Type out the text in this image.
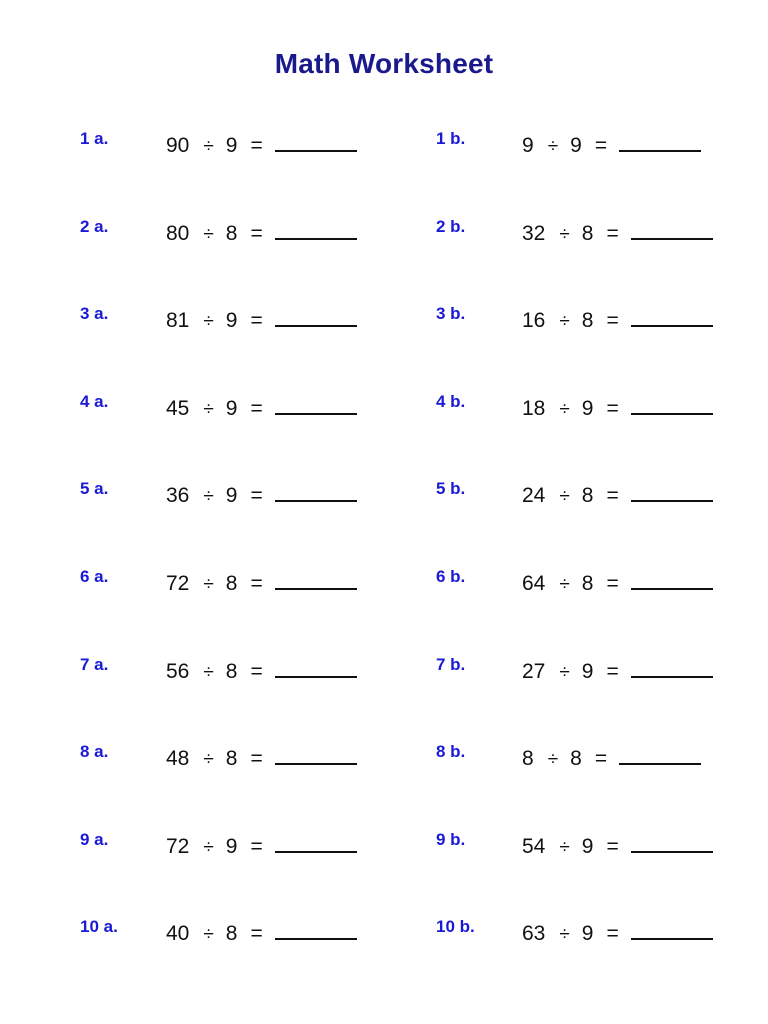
Math Worksheet
1 a.	90 ÷ 9 =
2 a.	80 ÷ 8 =
3 a.	81 ÷ 9 =
4 a.	45 ÷ 9 =
5 a.	36 ÷ 9 =
6 a.	72 ÷ 8 =
7 a.	56 ÷ 8 =
8 a.	48 ÷ 8 =
9 a.	72 ÷ 9 =
10 a. 40 ÷ 8 =
1 b.	9 ÷ 9 =
2 b.	32 ÷ 8 =
3 b.	16 ÷ 8 =
4 b.	18 ÷ 9 =
5 b.	24 ÷ 8 =
6 b.	64 ÷ 8 =
7 b.	27 ÷ 9 =
8 b.	8 ÷ 8 =
9 b.	54 ÷ 9 =
10 b. 63 ÷ 9 =
